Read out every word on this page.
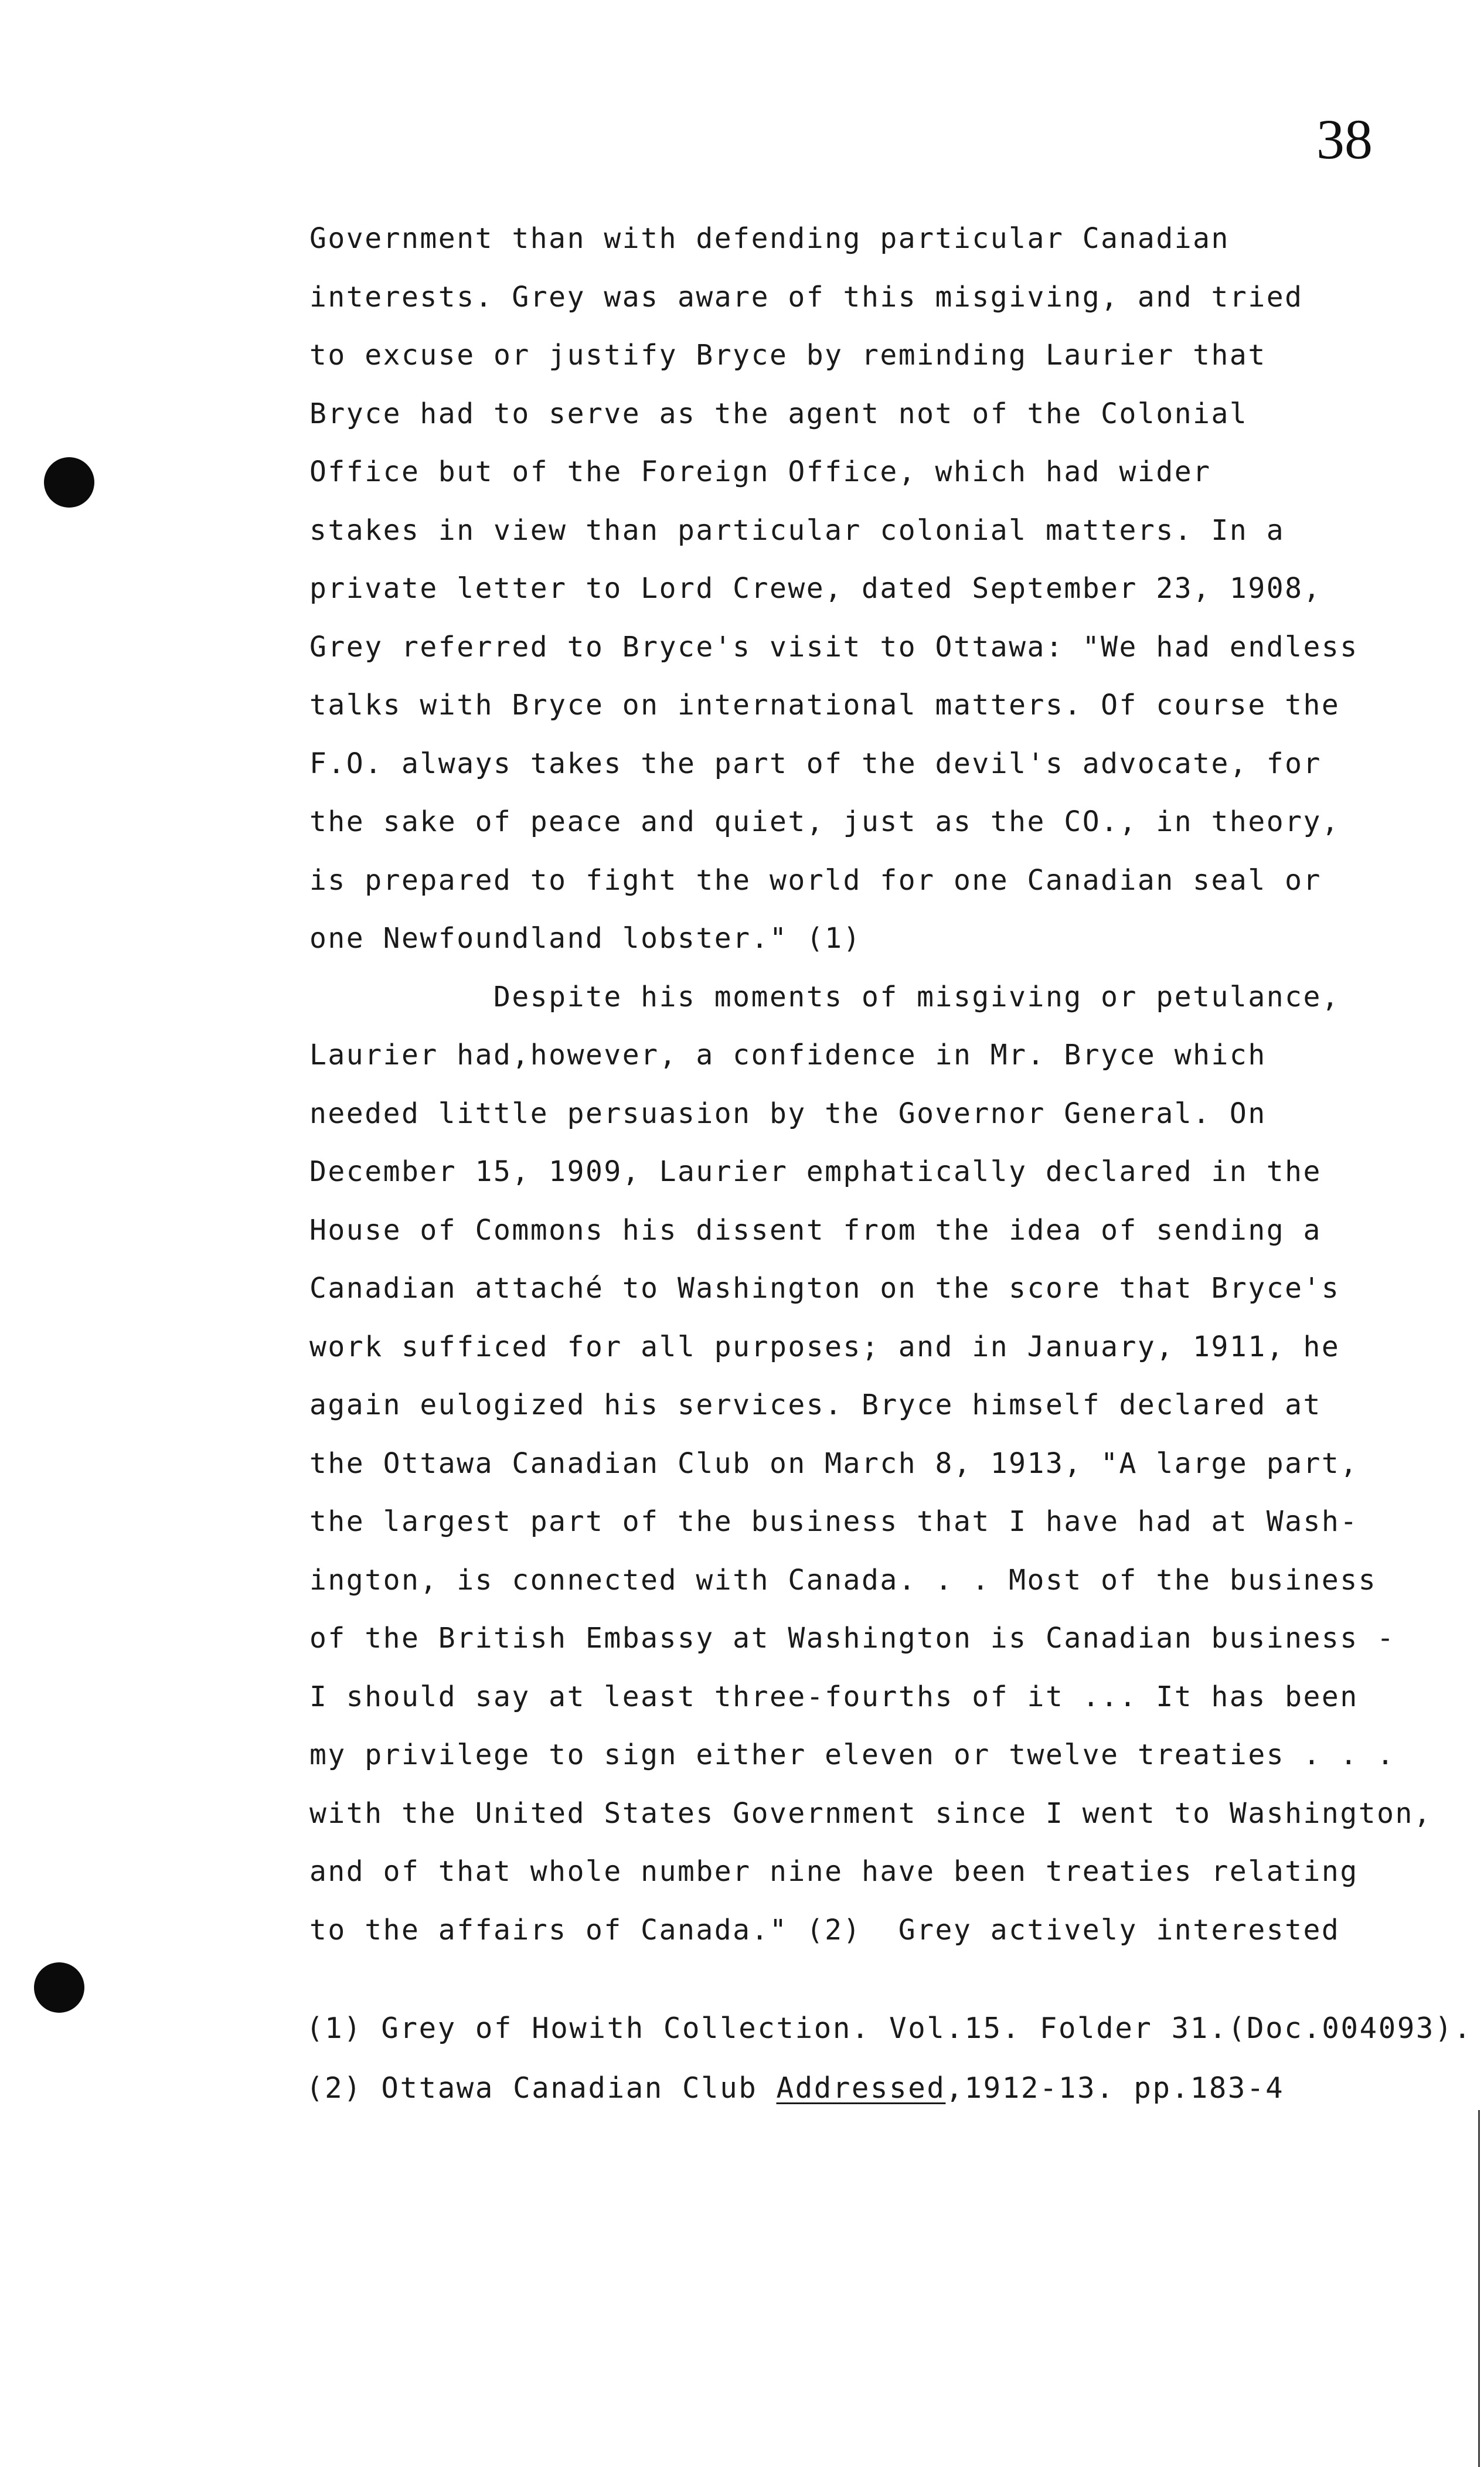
38
Government than with defending particular Canadian
interests. Grey was aware of this misgiving, and tried
to excuse or justify Bryce by reminding Laurier that
Bryce had to serve as the agent not of the Colonial
Office but of the Foreign Office, which had wider
stakes in view than particular colonial matters. In a
private letter to Lord Crewe, dated September 23, 1908,
Grey referred to Bryce's visit to Ottawa: "We had endless
talks with Bryce on international matters. Of course the
F.O. always takes the part of the devil's advocate, for
the sake of peace and quiet, just as the CO., in theory,
is prepared to fight the world for one Canadian seal or
one Newfoundland lobster." (1)
Despite his moments of misgiving or petulance,
Laurier had,however, a confidence in Mr. Bryce which
needed little persuasion by the Governor General. On
December 15, 1909, Laurier emphatically declared in the
House of Commons his dissent from the idea of sending a
Canadian attaché to Washington on the score that Bryce's
work sufficed for all purposes; and in January, 1911, he
again eulogized his services. Bryce himself declared at
the Ottawa Canadian Club on March 8, 1913, "A large part,
the largest part of the business that I have had at Wash-
ington, is connected with Canada. . . Most of the business
of the British Embassy at Washington is Canadian business -
I should say at least three-fourths of it ... It has been
my privilege to sign either eleven or twelve treaties . . .
with the United States Government since I went to Washington,
and of that whole number nine have been treaties relating
to the affairs of Canada." (2)  Grey actively interested
(1) Grey of Howith Collection. Vol.15. Folder 31.(Doc.004093).
(2) Ottawa Canadian Club Addressed,1912-13. pp.183-4
